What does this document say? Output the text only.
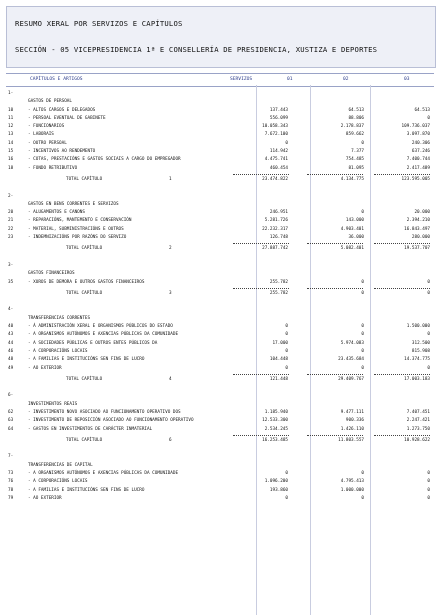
RESUMO XERAL POR SERVIZOS E CAPÍTULOS
SECCIÓN - 05 VICEPRESIDENCIA 1ª E CONSELLERÍA DE PRESIDENCIA, XUSTIZA E DEPORTES
CAPÍTULOS E ARTIGOS	SERVIZOS	01	02	03
1-
GASTOS DE PERSOAL
10	- ALTOS CARGOS E DELEGADOS	137.443	64.513	64.513
11	- PERSOAL EVENTUAL DE GABINETE	556.099	88.806	0
12	- FUNCIONARIOS	10.058.343	2.178.837	109.736.037
13	- LABORAIS	7.672.100	859.662	3.097.870
14	- OUTRO PERSOAL	0	0	240.306
15	- INCENTIVOS AO RENDEMENTO	114.942	7.377	637.246
16	- COTAS, PRESTACIÓNS E GASTOS SOCIAIS A CARGO DO EMPREGADOR	4.475.741	754.485	7.400.744
18	- FONDO RETRIBUTIVO	460.454	81.095	2.417.489
TOTAL CAPÍTULO	1	23.474.822	4.134.775	123.595.005
2-
GASTOS EN BENS CORRENTES E SERVIZOS
20	- ALUGAMENTOS E CANONS	246.951	0	20.000
21	- REPARACIÓNS, MANTEMENTO E CONSERVACIÓN	5.281.726	143.000	2.394.210
22	- MATERIAL, SUBMINISTRACIÓNS E OUTROS	22.232.317	4.903.401	16.843.497
23	- INDEMNIZACIÓNS POR RAZÓNS DO SERVIZO	126.748	36.000	280.000
TOTAL CAPÍTULO	2	27.887.742	5.082.401	19.537.707
3-
GASTOS FINANCEIROS
35	- XUROS DE DEMORA E OUTROS GASTOS FINANCEIROS	255.782	0	0
TOTAL CAPÍTULO	3	255.782	0	0
4-
TRANSFERENCIAS CORRENTES
40	- Á ADMINISTRACIÓN XERAL E ORGANISMOS PÚBLICOS DO ESTADO	0	0	1.500.000
43	- A ORGANISMOS AUTÓNOMOS E AXENCIAS PÚBLICAS DA COMUNIDADE	0	0	0
44	- A SOCIEDADES PÚBLICAS E OUTROS ENTES PÚBLICOS DA	17.000	5.974.083	312.500
46	- A CORPORACIÓNS LOCAIS	0	0	815.908
48	- A FAMILIAS E INSTITUCIÓNS SEN FINS DE LUCRO	104.448	23.435.684	14.374.775
49	- AO EXTERIOR	0	0	0
TOTAL CAPÍTULO	4	121.448	29.409.767	17.003.183
6-
INVESTIMENTOS REAIS
62	- INVESTIMENTO NOVO ASOCIADO AO FUNCIONAMENTO OPERATIVO DOS	1.185.940	9.477.111	7.407.451
63	- INVESTIMENTO DE REPOSICIÓN ASOCIADO AO FUNCIONAMENTO OPERATIVO	12.533.300	900.336	2.247.421
64	- GASTOS EN INVESTIMENTOS DE CARÁCTER INMATERIAL	2.534.245	1.426.110	1.273.750
TOTAL CAPÍTULO	6	16.253.485	11.803.557	10.928.622
7-
TRANSFERENCIAS DE CAPITAL
73	- A ORGANISMOS AUTÓNOMOS E AXENCIAS PÚBLICAS DA COMUNIDADE	0	0	0
76	- A CORPORACIÓNS LOCAIS	1.096.200	4.795.413	0
78	- A FAMILIAS E INSTITUCIÓNS SEN FINS DE LUCRO	193.860	1.000.000	0
79	- AO EXTERIOR	0	0	0
